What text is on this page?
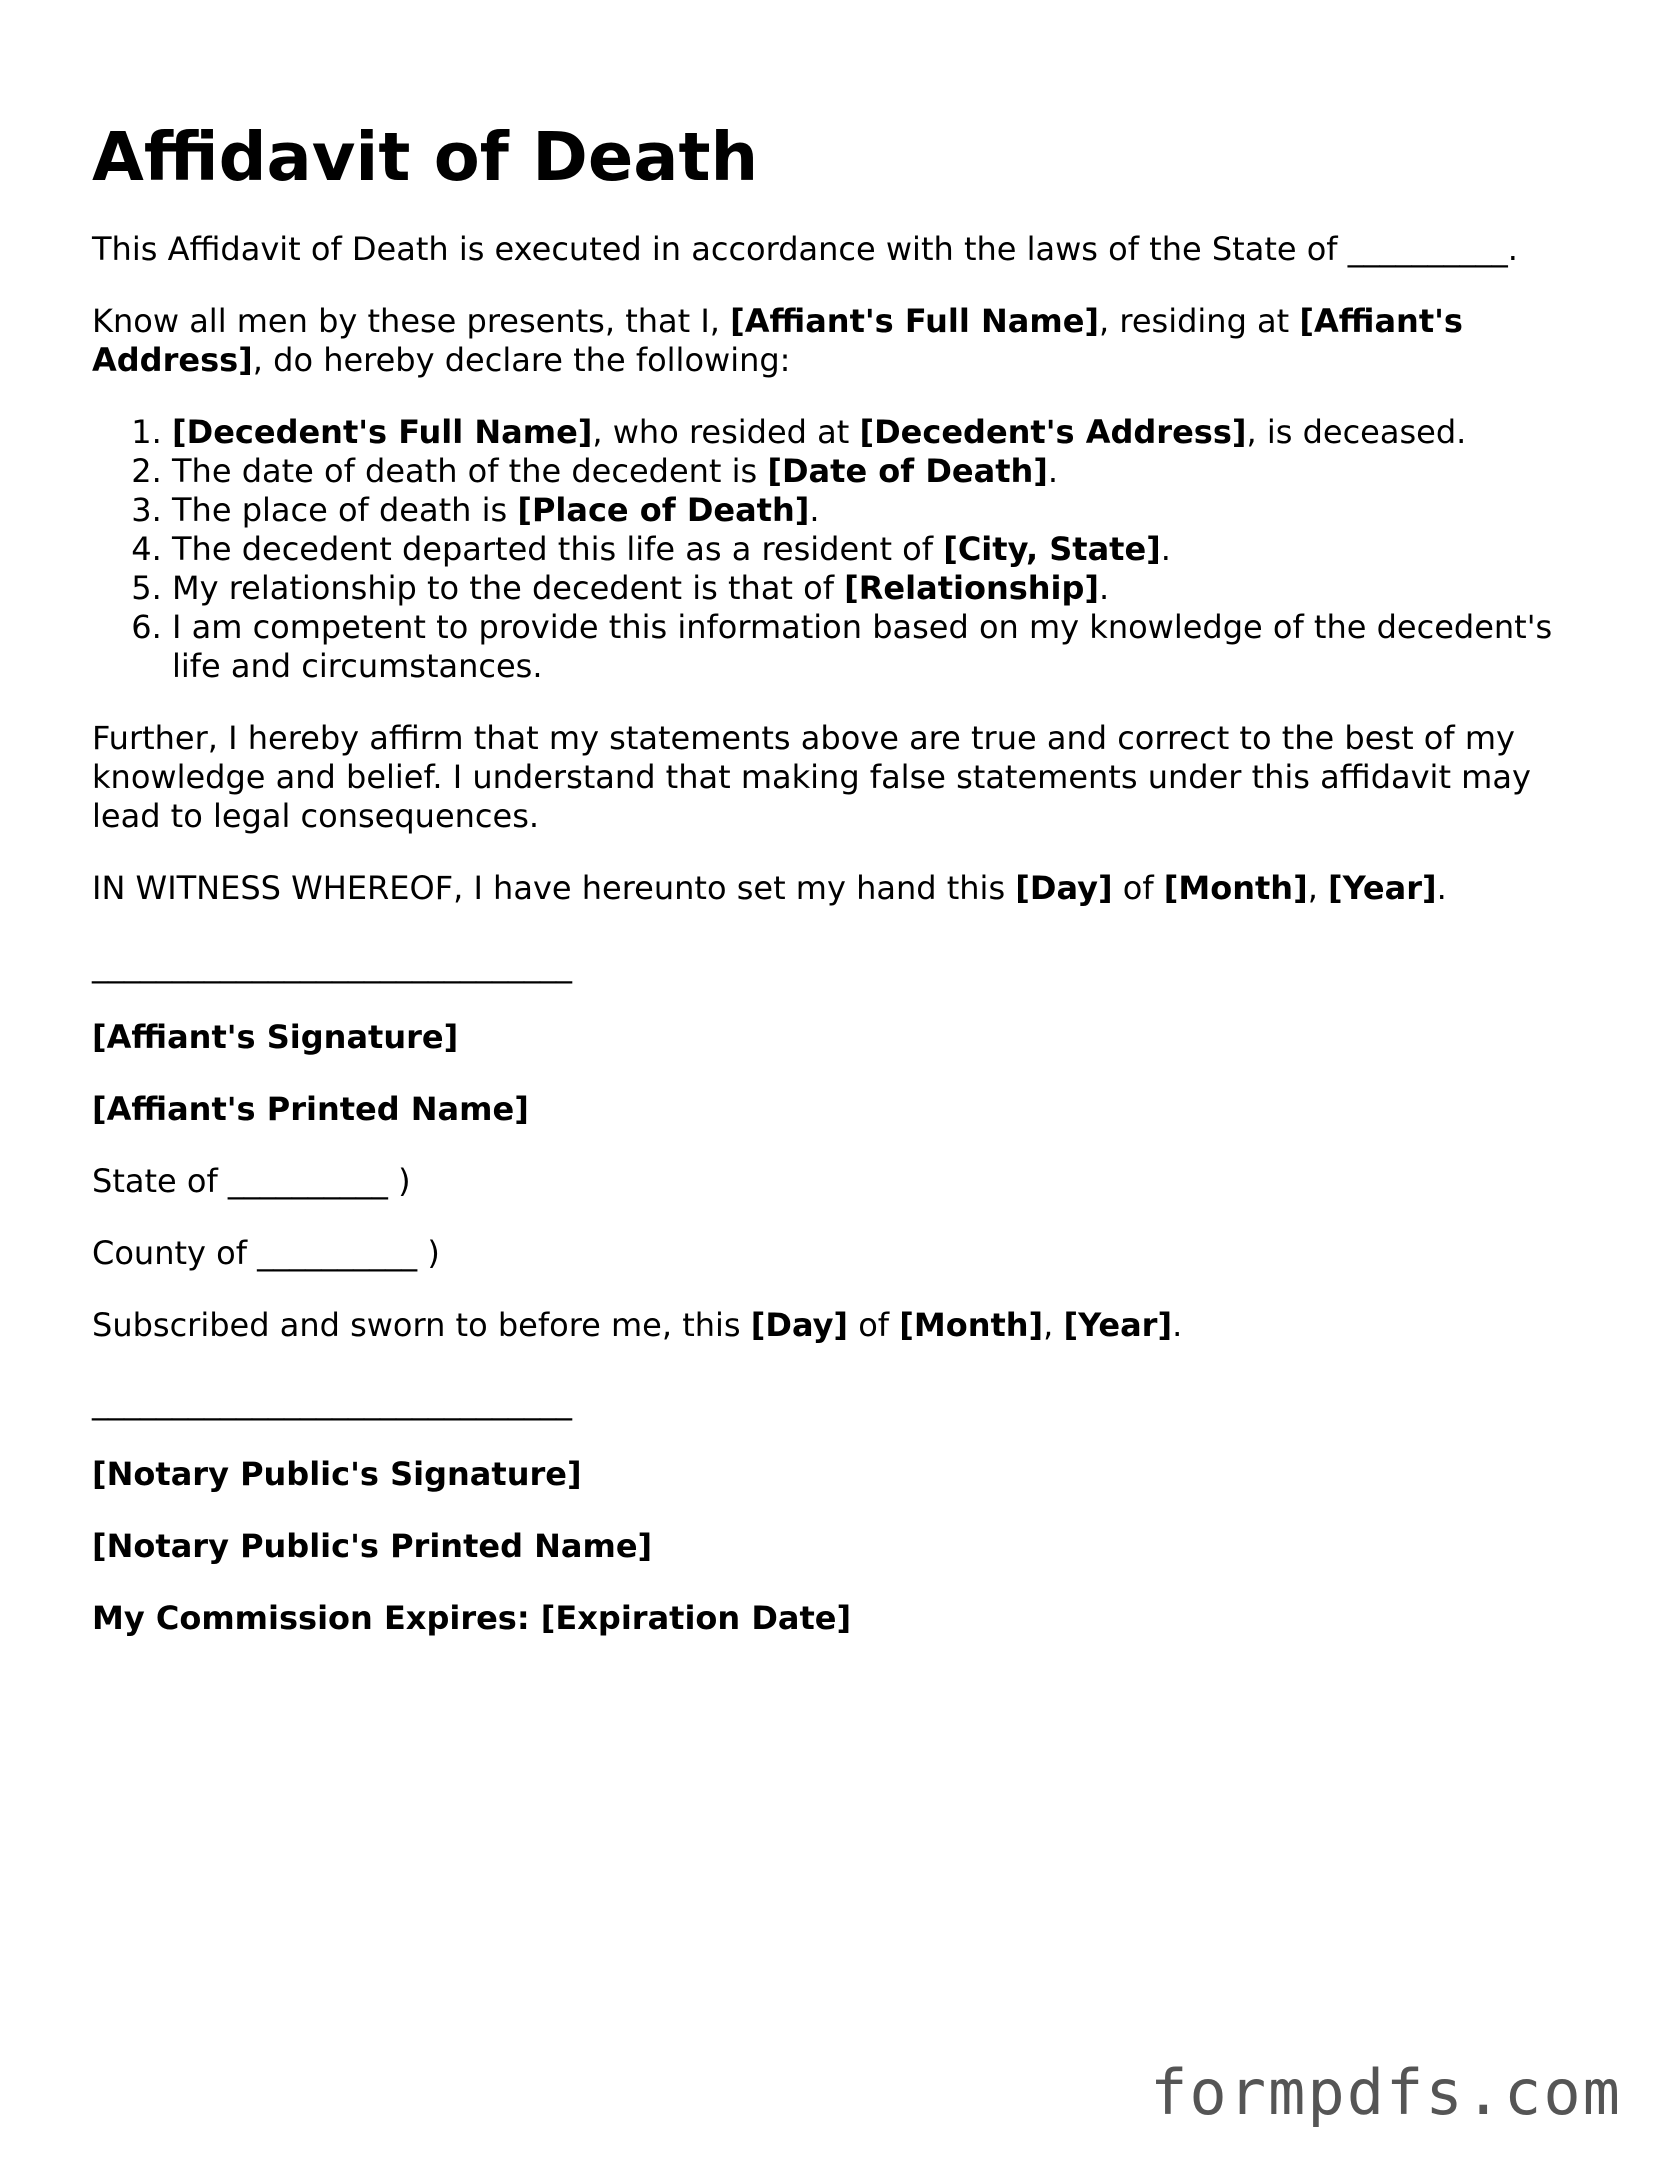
Affidavit of Death

This Affidavit of Death is executed in accordance with the laws of the State of __________.

Know all men by these presents, that I, [Affiant's Full Name], residing at [Affiant's Address], do hereby declare the following:

1. [Decedent's Full Name], who resided at [Decedent's Address], is deceased.
2. The date of death of the decedent is [Date of Death].
3. The place of death is [Place of Death].
4. The decedent departed this life as a resident of [City, State].
5. My relationship to the decedent is that of [Relationship].
6. I am competent to provide this information based on my knowledge of the decedent's life and circumstances.

Further, I hereby affirm that my statements above are true and correct to the best of my knowledge and belief. I understand that making false statements under this affidavit may lead to legal consequences.

IN WITNESS WHEREOF, I have hereunto set my hand this [Day] of [Month], [Year].

______________________________

[Affiant's Signature]

[Affiant's Printed Name]

State of __________ )

County of __________ )

Subscribed and sworn to before me, this [Day] of [Month], [Year].

______________________________

[Notary Public's Signature]

[Notary Public's Printed Name]

My Commission Expires: [Expiration Date]

formpdfs.com
